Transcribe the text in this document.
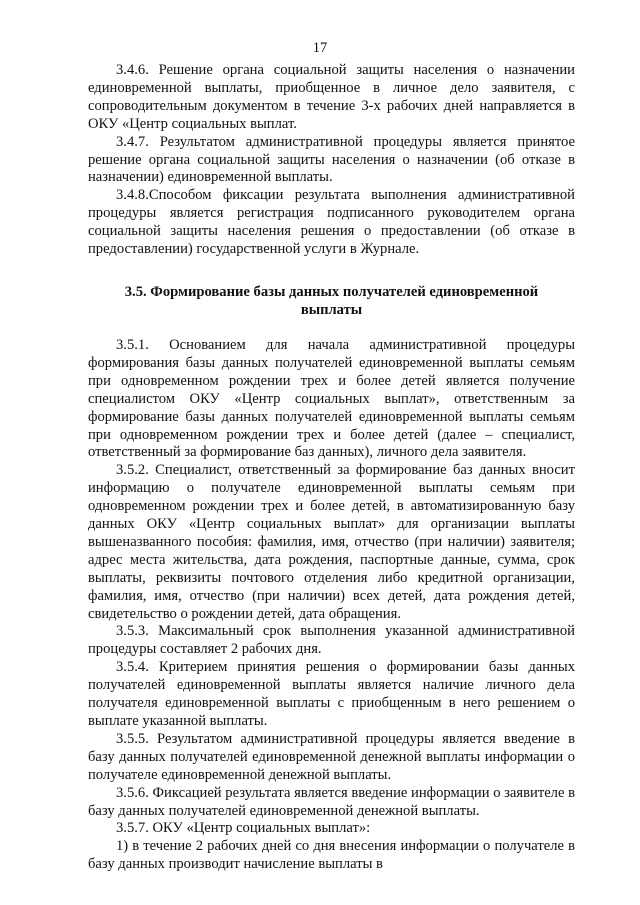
17

3.4.6. Решение органа социальной защиты населения о назначении единовременной выплаты, приобщенное в личное дело заявителя, с сопроводительным документом в течение 3-х рабочих дней направляется в ОКУ «Центр социальных выплат.

3.4.7. Результатом административной процедуры является принятое решение органа социальной защиты населения о назначении (об отказе в назначении) единовременной выплаты.

3.4.8.Способом фиксации результата выполнения административной процедуры является регистрация подписанного руководителем органа социальной защиты населения решения о предоставлении (об отказе в предоставлении) государственной услуги в Журнале.

3.5. Формирование базы данных получателей единовременной
выплаты

3.5.1. Основанием для начала административной процедуры формирования базы данных получателей единовременной выплаты семьям при одновременном рождении трех и более детей является получение специалистом ОКУ «Центр социальных выплат», ответственным за формирование базы данных получателей единовременной выплаты семьям при одновременном рождении трех и более детей (далее – специалист, ответственный за формирование баз данных), личного дела заявителя.

3.5.2. Специалист, ответственный за формирование баз данных вносит информацию о получателе единовременной выплаты семьям при одновременном рождении трех и более детей, в автоматизированную базу данных ОКУ «Центр социальных выплат» для организации выплаты вышеназванного пособия: фамилия, имя, отчество (при наличии) заявителя; адрес места жительства, дата рождения, паспортные данные, сумма, срок выплаты, реквизиты почтового отделения либо кредитной организации, фамилия, имя, отчество (при наличии) всех детей, дата рождения детей, свидетельство о рождении детей, дата обращения.

3.5.3. Максимальный срок выполнения указанной административной процедуры составляет 2 рабочих дня.

3.5.4. Критерием принятия решения о формировании базы данных получателей единовременной выплаты является наличие личного дела получателя единовременной выплаты с приобщенным в него решением о выплате указанной выплаты.

3.5.5. Результатом административной процедуры является введение в базу данных получателей единовременной денежной выплаты информации о получателе единовременной денежной выплаты.

3.5.6. Фиксацией результата является введение информации о заявителе в базу данных получателей единовременной денежной выплаты.

3.5.7. ОКУ «Центр социальных выплат»:

1) в течение 2 рабочих дней со дня внесения информации о получателе в базу данных производит начисление выплаты в
